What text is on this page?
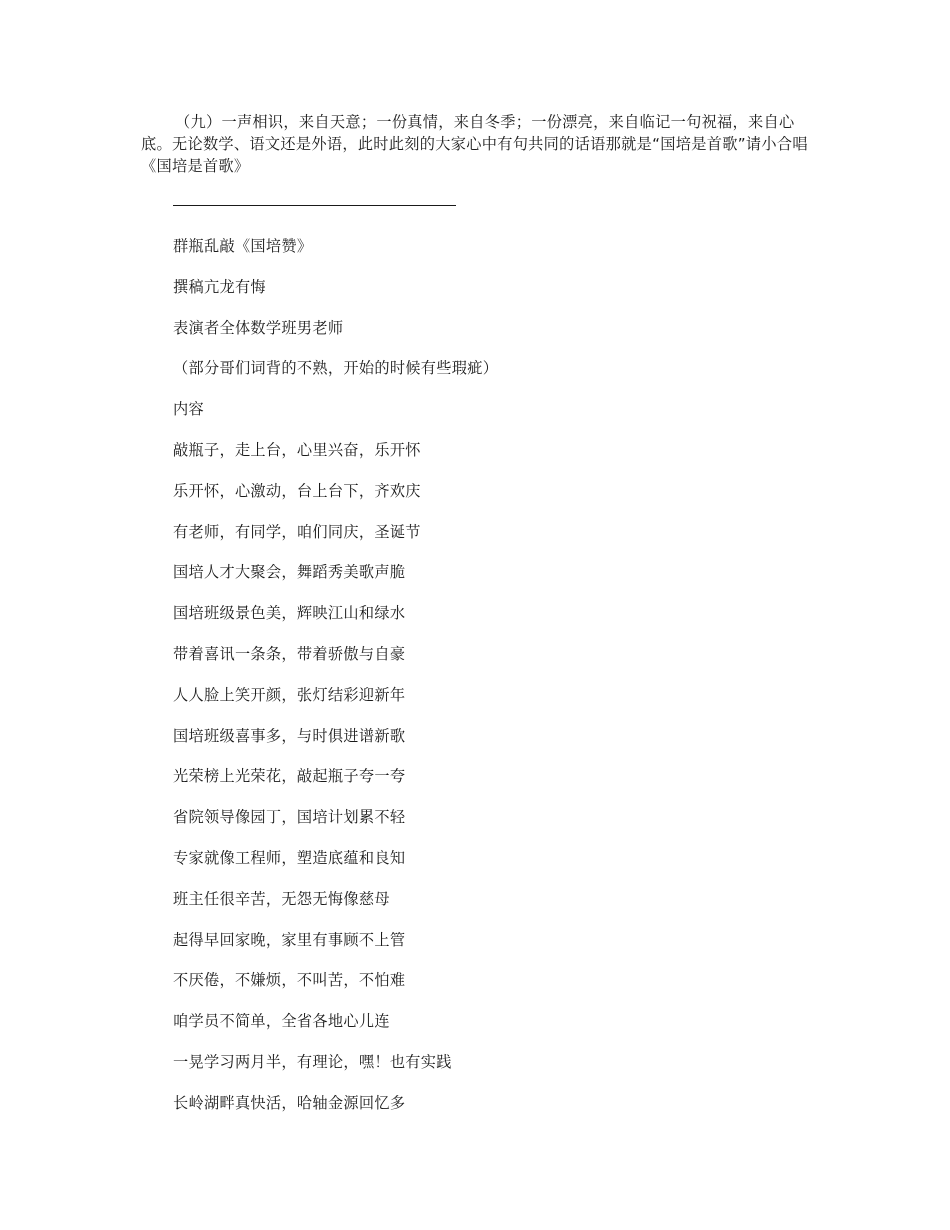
（九）一声相识，来自天意；一份真情，来自冬季；一份漂亮，来自临记一句祝福，来自心底。无论数学、语文还是外语，此时此刻的大家心中有句共同的话语那就是“国培是首歌”请小合唱《国培是首歌》

群瓶乱敲《国培赞》
撰稿亢龙有悔
表演者全体数学班男老师
（部分哥们词背的不熟，开始的时候有些瑕疵）
内容
敲瓶子，走上台，心里兴奋，乐开怀
乐开怀，心激动，台上台下，齐欢庆
有老师，有同学，咱们同庆，圣诞节
国培人才大聚会，舞蹈秀美歌声脆
国培班级景色美，辉映江山和绿水
带着喜讯一条条，带着骄傲与自豪
人人脸上笑开颜，张灯结彩迎新年
国培班级喜事多，与时俱进谱新歌
光荣榜上光荣花，敲起瓶子夸一夸
省院领导像园丁，国培计划累不轻
专家就像工程师，塑造底蕴和良知
班主任很辛苦，无怨无悔像慈母
起得早回家晚，家里有事顾不上管
不厌倦，不嫌烦，不叫苦，不怕难
咱学员不简单，全省各地心儿连
一晃学习两月半，有理论，嘿！也有实践
长岭湖畔真快活，哈轴金源回忆多
